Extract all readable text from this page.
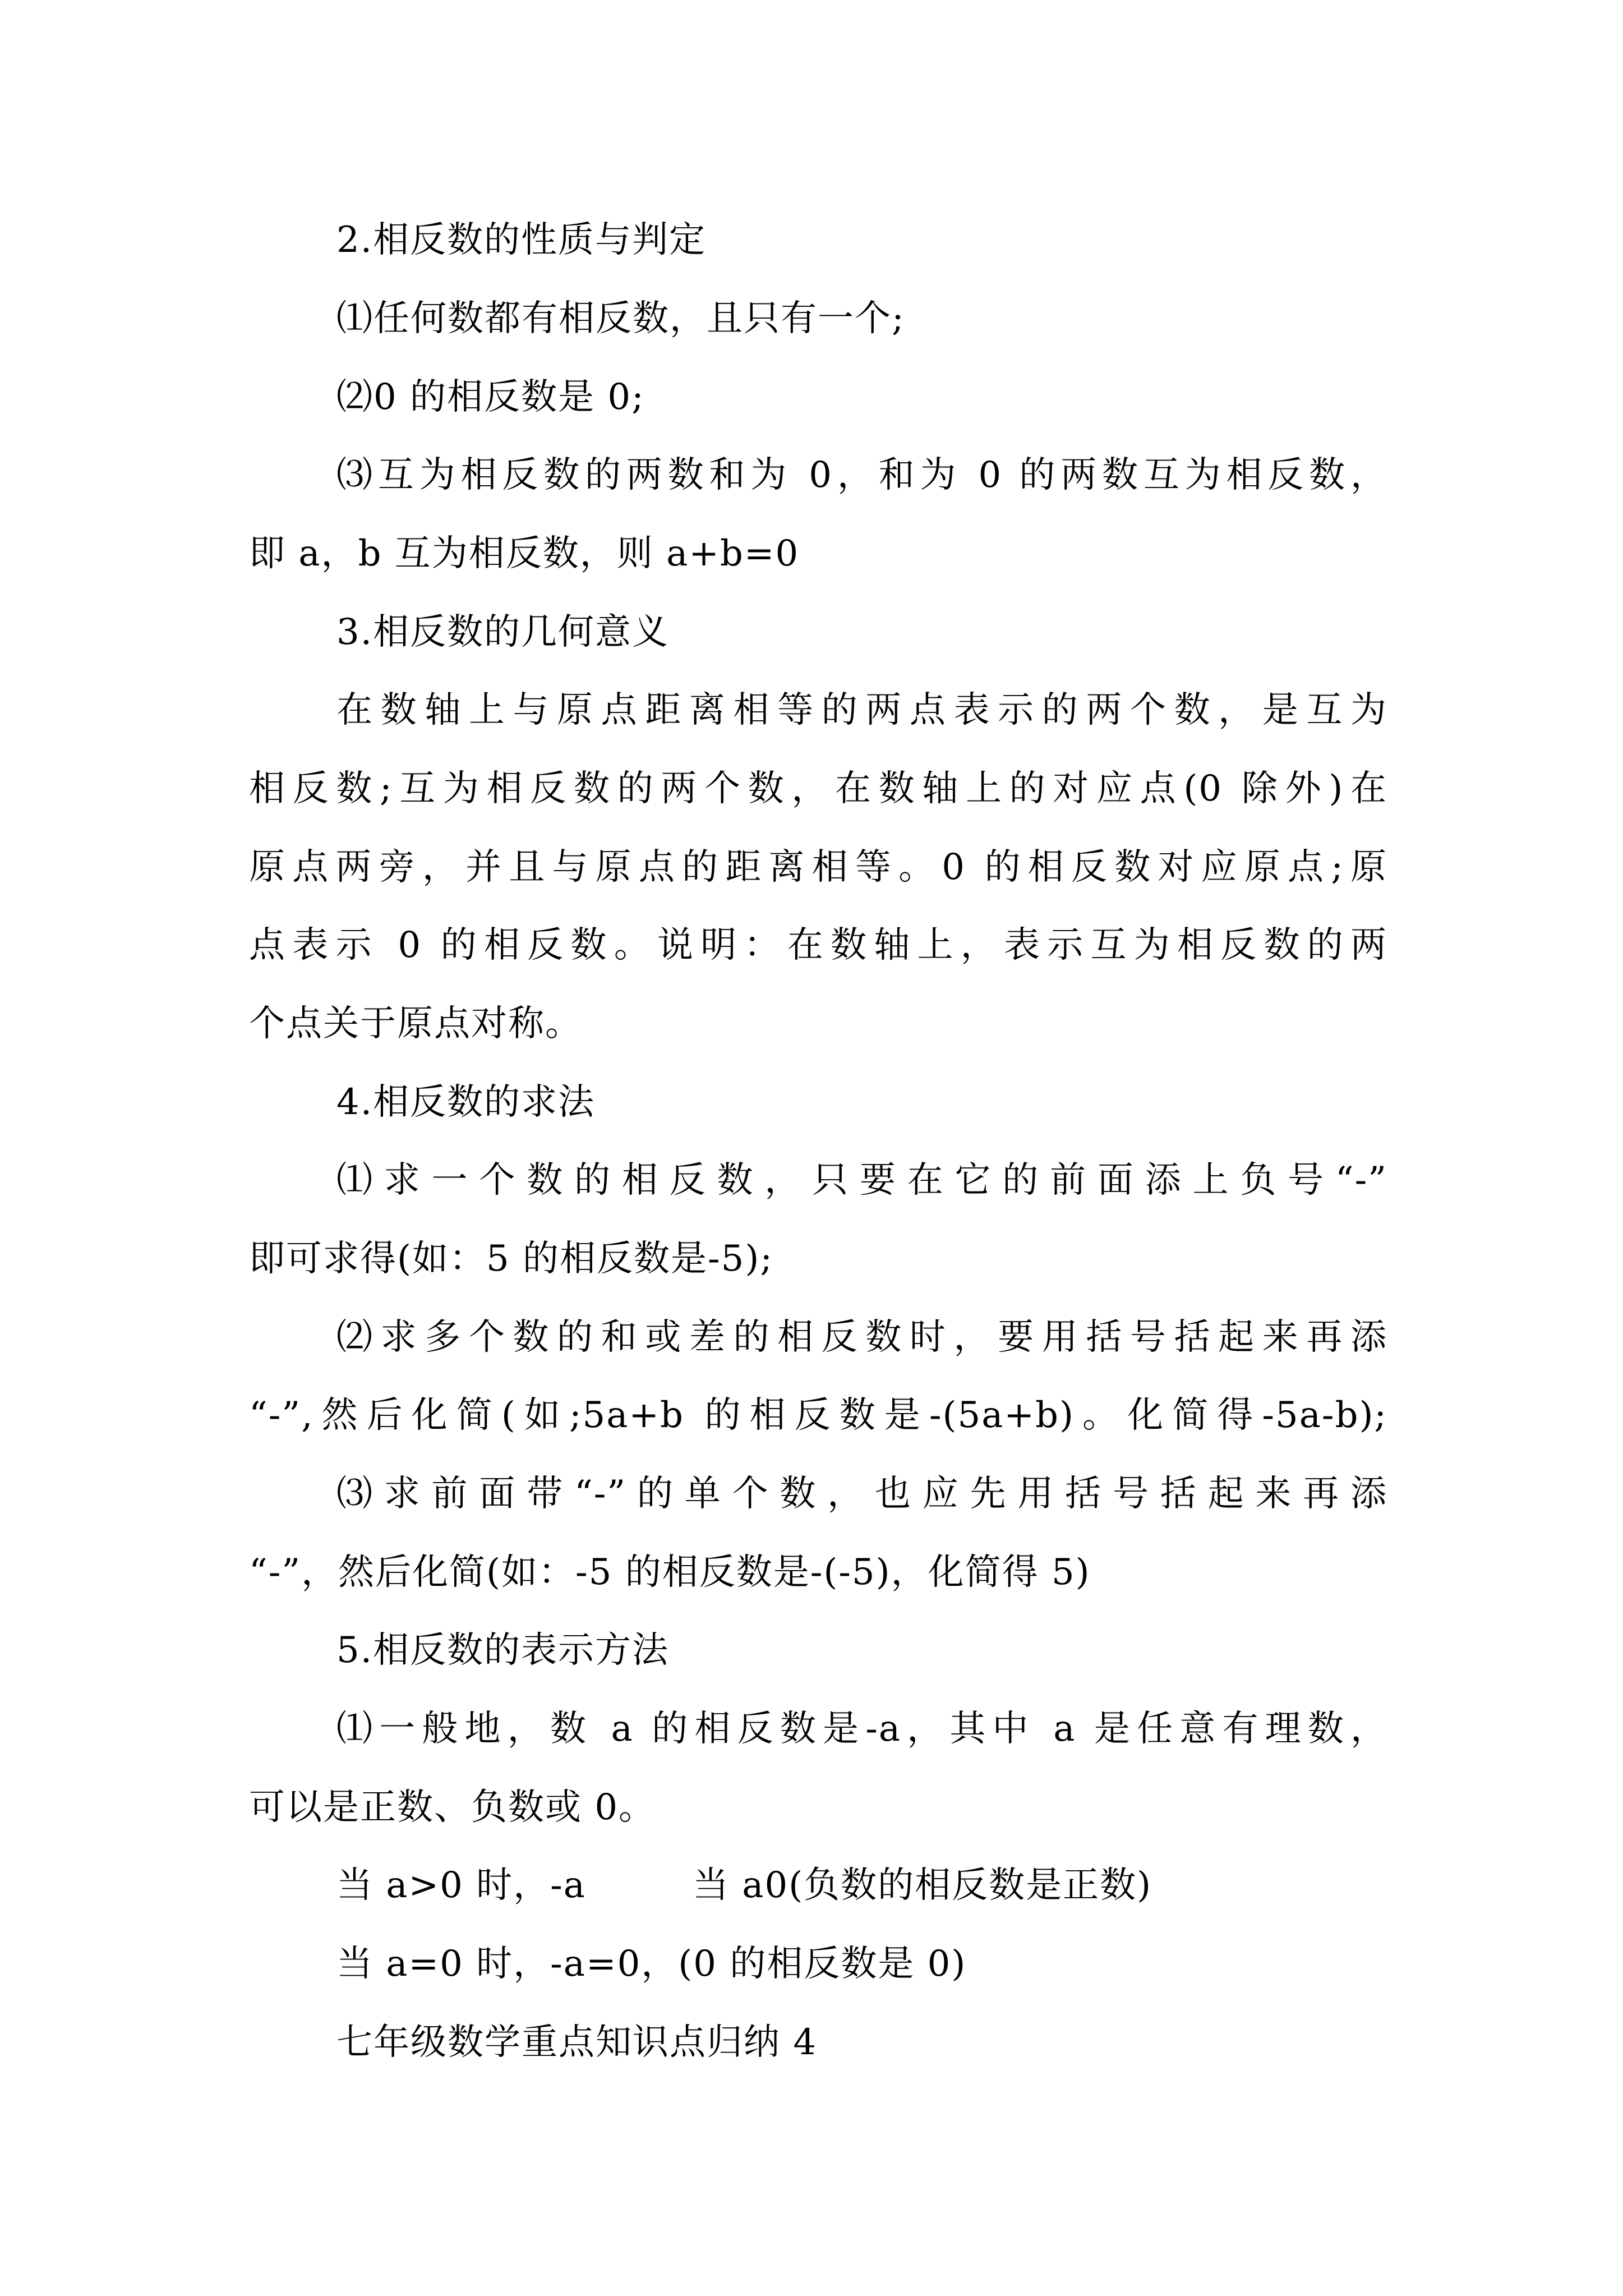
2.相反数的性质与判定
⑴任何数都有相反数，且只有一个;
⑵0 的相反数是 0;
⑶互为相反数的两数和为 0，和为 0 的两数互为相反数，
即 a，b 互为相反数，则 a+b=0
3.相反数的几何意义
在数轴上与原点距离相等的两点表示的两个数，是互为
相反数;互为相反数的两个数，在数轴上的对应点(0 除外)在
原点两旁，并且与原点的距离相等。0 的相反数对应原点;原
点表示 0 的相反数。说明：在数轴上，表示互为相反数的两
个点关于原点对称。
4.相反数的求法
⑴求一个数的相反数，只要在它的前面添上负号“-”
即可求得(如：5 的相反数是-5);
⑵求多个数的和或差的相反数时，要用括号括起来再添
“-”,然后化简(如;5a+b 的相反数是-(5a+b)。化简得-5a-b);
⑶求前面带“-”的单个数，也应先用括号括起来再添
“-”，然后化简(如：-5 的相反数是-(-5)，化简得 5)
5.相反数的表示方法
⑴一般地，数 a 的相反数是-a，其中 a 是任意有理数，
可以是正数、负数或 0。
当 a>0 时，-a	当 a0(负数的相反数是正数)
当 a=0 时，-a=0，(0 的相反数是 0)
七年级数学重点知识点归纳 4
